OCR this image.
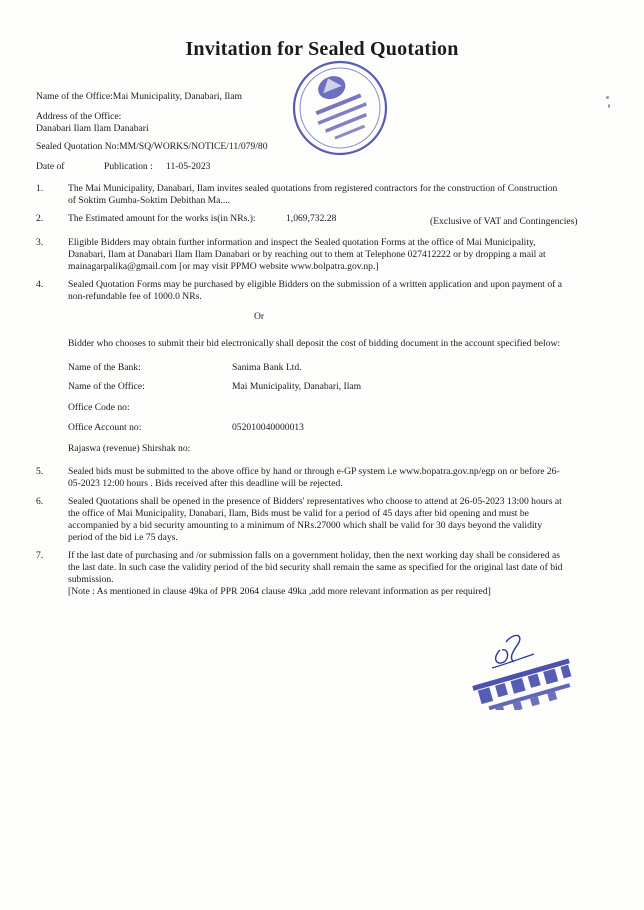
Invitation for Sealed Quotation
Name of the Office:Mai Municipality, Danabari, Ilam
Address of the Office:
Danabari Ilam Ilam Danabari
Sealed Quotation No:MM/SQ/WORKS/NOTICE/11/079/80
Date of	Publication : 11-05-2023
1.	The Mai Municipality, Danabari, Ilam invites sealed quotations from registered contractors for the construction of Construction
of Soktim Gumba-Soktim Debithan Ma....
2.	The Estimated amount for the works is(in NRs.):	1,069,732.28	(Exclusive of VAT and Contingencies)
3.	Eligible Bidders may obtain further information and inspect the Sealed quotation Forms at the office of Mai Municipality,
Danabari, Ilam at Danabari Ilam Ilam Danabari or by reaching out to them at Telephone 027412222 or by dropping a mail at
mainagarpalika@gmail.com [or may visit PPMO website www.bolpatra.gov.np.]
4.	Sealed Quotation Forms may be purchased by eligible Bidders on the submission of a written application and upon payment of a
non-refundable fee of 1000.0 NRs.
Or
Bidder who chooses to submit their bid electronically shall deposit the cost of bidding document in the account specified below:
Name of the Bank:	Sanima Bank Ltd.
Name of the Office:	Mai Municipality, Danabari, Ilam
Office Code no:
Office Account no:	052010040000013
Rajaswa (revenue) Shirshak no:
5.	Sealed bids must be submitted to the above office by hand or through e-GP system i.e www.bopatra.gov.np/egp on or before 26-
05-2023 12:00 hours . Bids received after this deadline will be rejected.
6.	Sealed Quotations shall be opened in the presence of Bidders' representatives who choose to attend at 26-05-2023 13:00 hours at
the office of Mai Municipality, Danabari, Ilam, Bids must be valid for a period of 45 days after bid opening and must be
accompanied by a bid security amounting to a minimum of NRs.27000 which shall be valid for 30 days beyond the validity
period of the bid i.e 75 days.
7.	If the last date of purchasing and /or submission falls on a government holiday, then the next working day shall be considered as
the last date. In such case the validity period of the bid security shall remain the same as specified for the original last date of bid
submission.
[Note : As mentioned in clause 49ka of PPR 2064 clause 49ka ,add more relevant information as per required]
